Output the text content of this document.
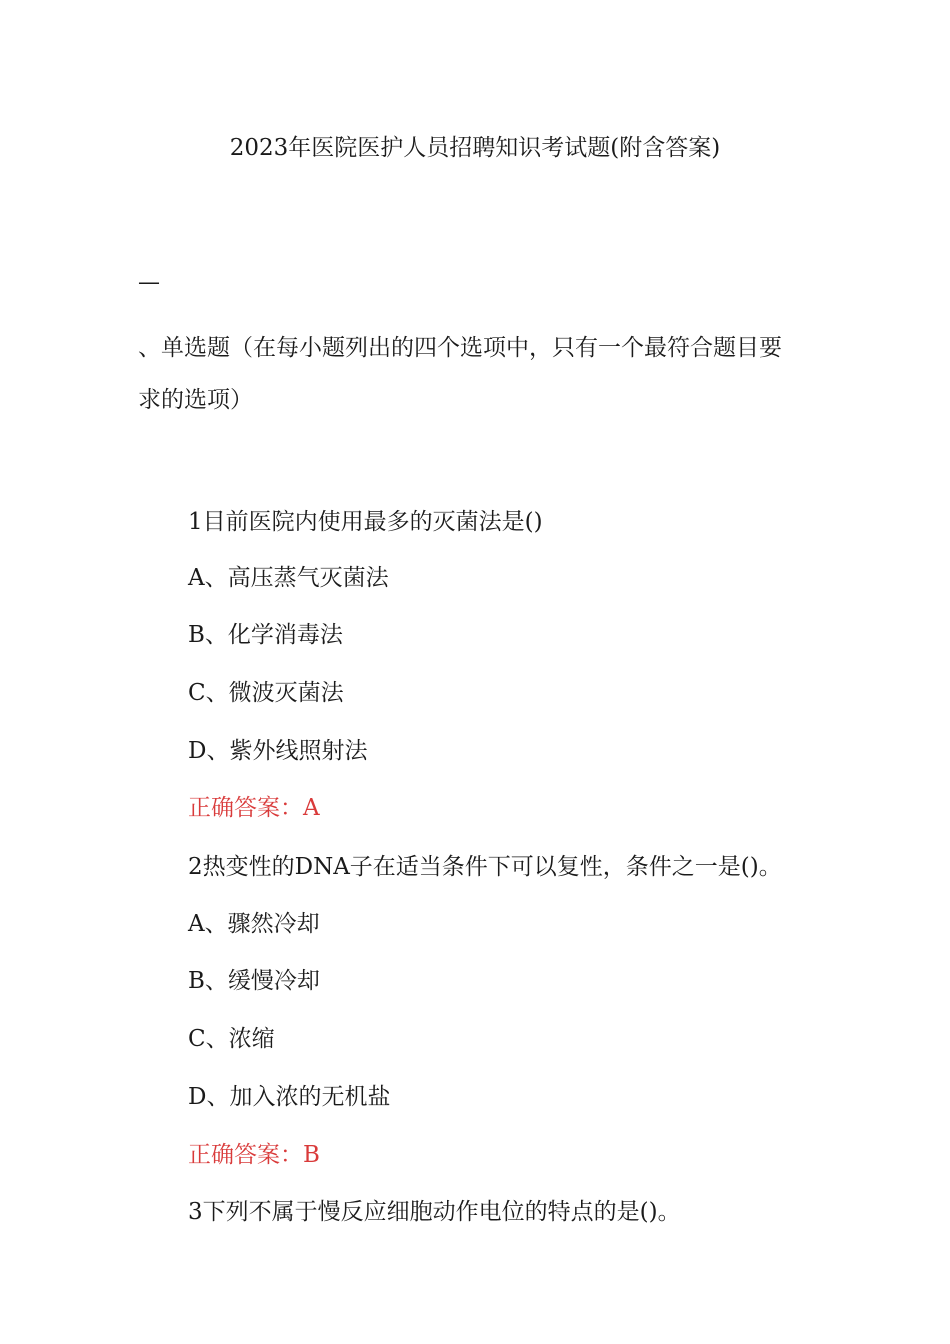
2023年医院医护人员招聘知识考试题(附含答案)
—
、单选题（在每小题列出的四个选项中，只有一个最符合题目要
求的选项）
1目前医院内使用最多的灭菌法是()
A、高压蒸气灭菌法
B、化学消毒法
C、微波灭菌法
D、紫外线照射法
正确答案：A
2热变性的DNA子在适当条件下可以复性，条件之一是()。
A、骤然冷却
B、缓慢冷却
C、浓缩
D、加入浓的无机盐
正确答案：B
3下列不属于慢反应细胞动作电位的特点的是()。
